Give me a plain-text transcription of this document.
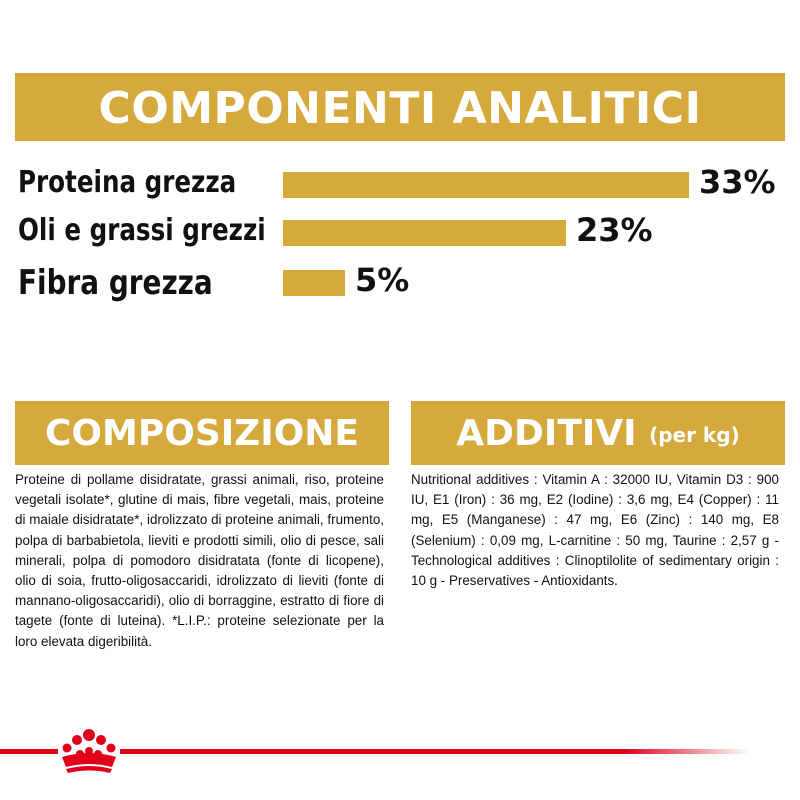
COMPONENTI ANALITICI
Proteina grezza	33%
Oli e grassi grezzi	23%
Fibra grezza	5%
COMPOSIZIONE
Proteine di pollame disidratate, grassi animali, riso, proteine vegetali isolate*, glutine di mais, fibre vegetali, mais, proteine di maiale disidratate*, idrolizzato di proteine animali, frumento, polpa di barbabietola, lieviti e prodotti simili, olio di pesce, sali minerali, polpa di pomodoro disidratata (fonte di licopene), olio di soia, frutto-oligosaccaridi, idrolizzato di lieviti (fonte di mannano-oligosaccaridi), olio di borraggine, estratto di fiore di tagete (fonte di luteina). *L.I.P.: proteine selezionate per la loro elevata digeribilità.
ADDITIVI (per kg)
Nutritional additives : Vitamin A : 32000 IU, Vitamin D3 : 900 IU, E1 (Iron) : 36 mg, E2 (Iodine) : 3,6 mg, E4 (Copper) : 11 mg, E5 (Manganese) : 47 mg, E6 (Zinc) : 140 mg, E8 (Selenium) : 0,09 mg, L-carnitine : 50 mg, Taurine : 2,57 g - Technological additives : Clinoptilolite of sedimentary origin : 10 g - Preservatives - Antioxidants.
